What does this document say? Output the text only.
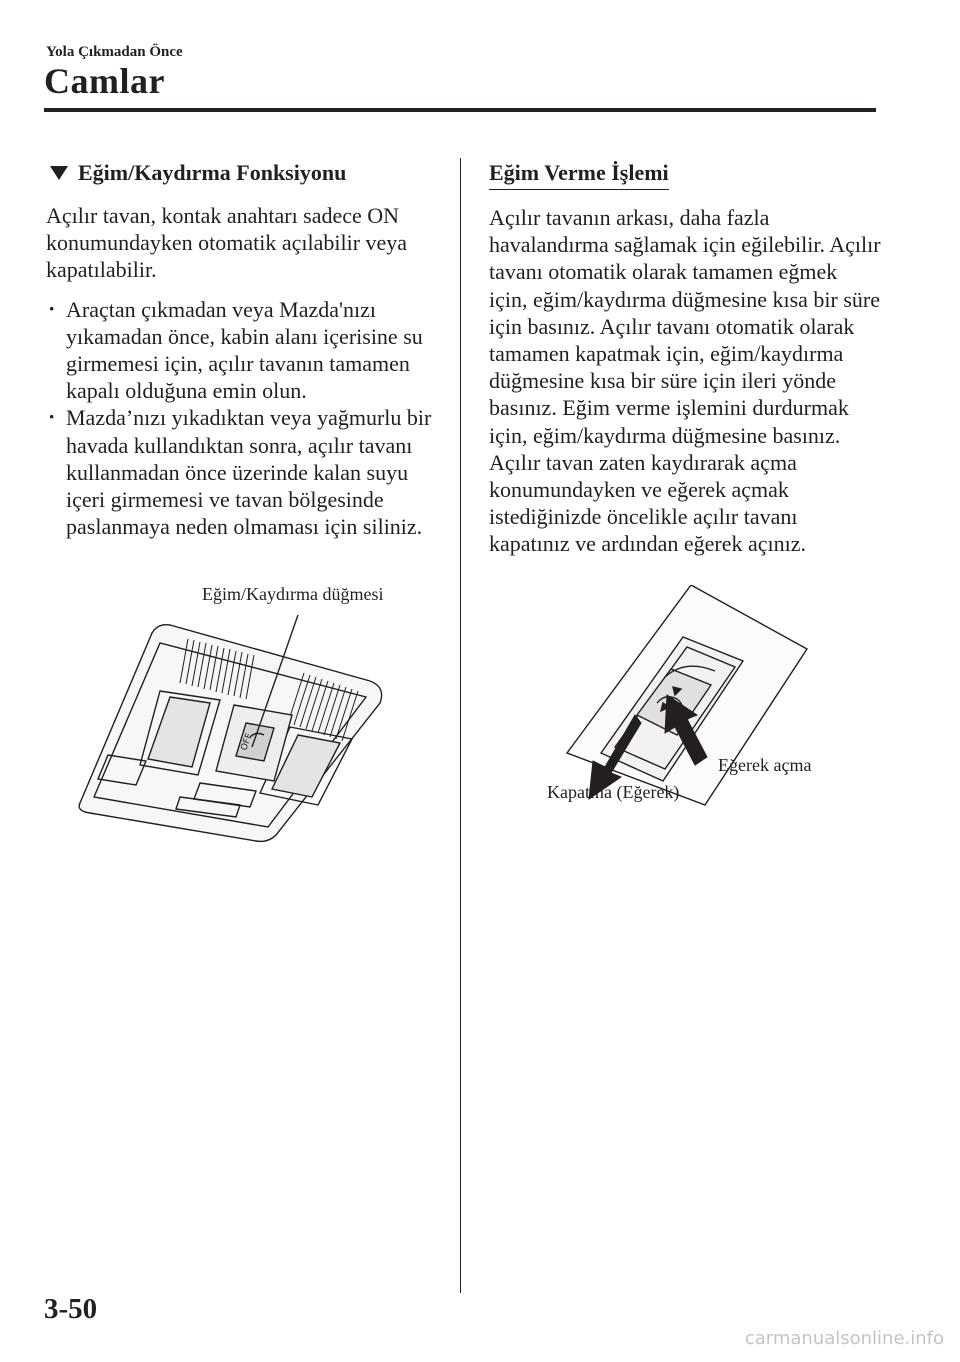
Yola Çıkmadan Önce
Camlar
Eğim/Kaydırma Fonksiyonu

Açılır tavan, kontak anahtarı sadece ON konumundayken otomatik açılabilir veya kapatılabilir.

· Araçtan çıkmadan veya Mazda'nızı yıkamadan önce, kabin alanı içerisine su girmemesi için, açılır tavanın tamamen kapalı olduğuna emin olun.
· Mazda’nızı yıkadıktan veya yağmurlu bir havada kullandıktan sonra, açılır tavanı kullanmadan önce üzerinde kalan suyu içeri girmemesi ve tavan bölgesinde paslanmaya neden olmaması için siliniz.
Eğim/Kaydırma düğmesi
OFF
Eğim Verme İşlemi

Açılır tavanın arkası, daha fazla havalandırma sağlamak için eğilebilir. Açılır tavanı otomatik olarak tamamen eğmek için, eğim/kaydırma düğmesine kısa bir süre için basınız. Açılır tavanı otomatik olarak tamamen kapatmak için, eğim/kaydırma düğmesine kısa bir süre için ileri yönde basınız. Eğim verme işlemini durdurmak için, eğim/kaydırma düğmesine basınız. Açılır tavan zaten kaydırarak açma konumundayken ve eğerek açmak istediğinizde öncelikle açılır tavanı kapatınız ve ardından eğerek açınız.

Kapatma (Eğerek)
Eğerek açma
3-50
carmanualsonline.info
